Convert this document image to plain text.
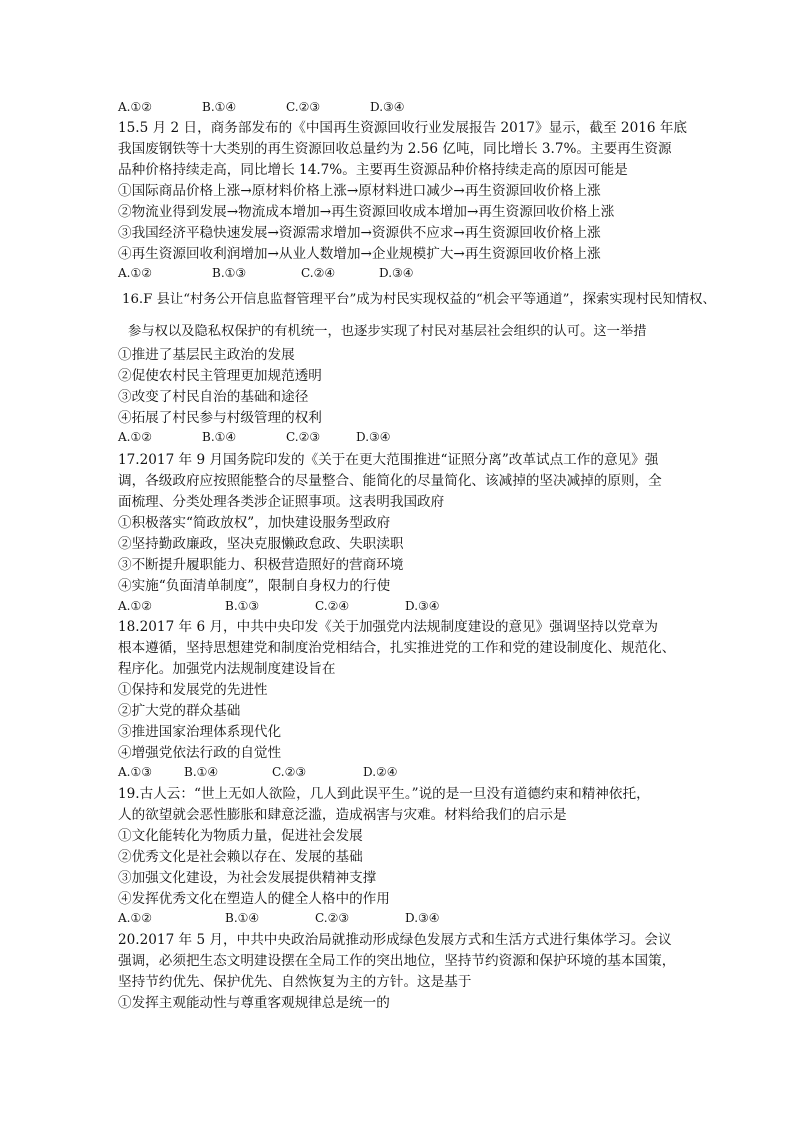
A.①②	B.①④	C.②③	D.③④
15.5 月 2 日，商务部发布的《中国再生资源回收行业发展报告 2017》显示，截至 2016 年底
我国废钢铁等十大类别的再生资源回收总量约为 2.56 亿吨，同比增长 3.7%。主要再生资源
品种价格持续走高，同比增长 14.7%。主要再生资源品种价格持续走高的原因可能是
①国际商品价格上涨→原材料价格上涨→原材料进口减少→再生资源回收价格上涨
②物流业得到发展→物流成本增加→再生资源回收成本增加→再生资源回收价格上涨
③我国经济平稳快速发展→资源需求增加→资源供不应求→再生资源回收价格上涨
④再生资源回收利润增加→从业人数增加→企业规模扩大→再生资源回收价格上涨
A.①②	B.①③	C.②④	D.③④
16.F 县让“村务公开信息监督管理平台”成为村民实现权益的“机会平等通道”，探索实现村民知情权、
参与权以及隐私权保护的有机统一，也逐步实现了村民对基层社会组织的认可。这一举措
①推进了基层民主政治的发展
②促使农村民主管理更加规范透明
③改变了村民自治的基础和途径
④拓展了村民参与村级管理的权利
A.①②	B.①④	C.②③	D.③④
17.2017 年 9 月国务院印发的《关于在更大范围推进“证照分离”改革试点工作的意见》强
调，各级政府应按照能整合的尽量整合、能简化的尽量简化、该减掉的坚决减掉的原则，全
面梳理、分类处理各类涉企证照事项。这表明我国政府
①积极落实“简政放权”，加快建设服务型政府
②坚持勤政廉政，坚决克服懒政怠政、失职渎职
③不断提升履职能力、积极营造照好的营商环境
④实施“负面清单制度”，限制自身权力的行使
A.①②	B.①③	C.②④	D.③④
18.2017 年 6 月，中共中央印发《关于加强党内法规制度建设的意见》强调坚持以党章为
根本遵循，坚持思想建党和制度治党相结合，扎实推进党的工作和党的建设制度化、规范化、
程序化。加强党内法规制度建设旨在
①保持和发展党的先进性
②扩大党的群众基础
③推进国家治理体系现代化
④增强党依法行政的自觉性
A.①③	B.①④	C.②③	D.②④
19.古人云：“世上无如人欲险，几人到此误平生。”说的是一旦没有道德约束和精神依托，
人的欲望就会恶性膨胀和肆意泛滥，造成祸害与灾难。材料给我们的启示是
①文化能转化为物质力量，促进社会发展
②优秀文化是社会赖以存在、发展的基础
③加强文化建设，为社会发展提供精神支撑
④发挥优秀文化在塑造人的健全人格中的作用
A.①②	B.①④	C.②③	D.③④
20.2017 年 5 月，中共中央政治局就推动形成绿色发展方式和生活方式进行集体学习。会议
强调，必须把生态文明建设摆在全局工作的突出地位，坚持节约资源和保护环境的基本国策，
坚持节约优先、保护优先、自然恢复为主的方针。这是基于
①发挥主观能动性与尊重客观规律总是统一的
